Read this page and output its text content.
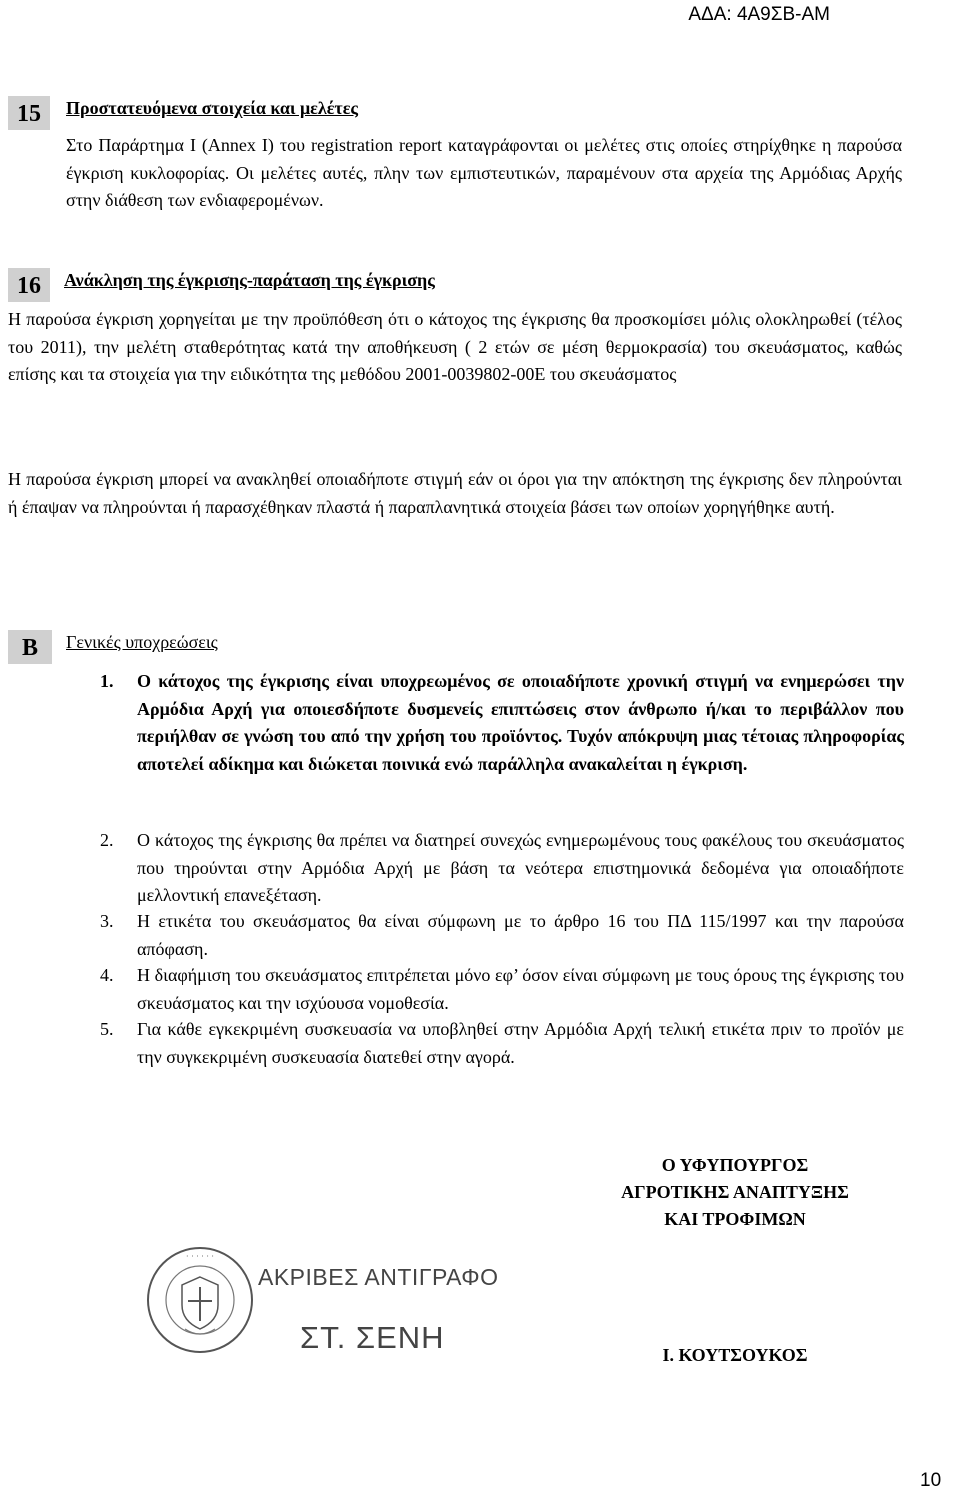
ΑΔΑ: 4Α9ΣΒ-ΑΜ
15	Προστατευόμενα στοιχεία και μελέτες
Στο Παράρτημα Ι (Annex I) του registration report καταγράφονται οι μελέτες στις οποίες στηρίχθηκε η παρούσα έγκριση κυκλοφορίας. Οι μελέτες αυτές, πλην των εμπιστευτικών, παραμένουν στα αρχεία της Αρμόδιας Αρχής στην διάθεση των ενδιαφερομένων.
16	Ανάκληση της έγκρισης-παράταση της έγκρισης
Η παρούσα έγκριση χορηγείται με την προϋπόθεση ότι ο κάτοχος της έγκρισης θα προσκομίσει μόλις ολοκληρωθεί (τέλος του 2011), την μελέτη σταθερότητας κατά την αποθήκευση ( 2 ετών σε μέση θερμοκρασία) του σκευάσματος, καθώς επίσης και τα στοιχεία για την ειδικότητα της μεθόδου 2001-0039802-00E του σκευάσματος
Η παρούσα έγκριση μπορεί να ανακληθεί οποιαδήποτε στιγμή εάν οι όροι για την απόκτηση της έγκρισης δεν πληρούνται ή έπαψαν να πληρούνται ή παρασχέθηκαν πλαστά ή παραπλανητικά στοιχεία βάσει των οποίων χορηγήθηκε αυτή.
B	Γενικές υποχρεώσεις
1. Ο κάτοχος της έγκρισης είναι υποχρεωμένος σε οποιαδήποτε χρονική στιγμή να ενημερώσει την Αρμόδια Αρχή για οποιεσδήποτε δυσμενείς επιπτώσεις στον άνθρωπο ή/και το περιβάλλον που περιήλθαν σε γνώση του από την χρήση του προϊόντος. Τυχόν απόκρυψη μιας τέτοιας πληροφορίας αποτελεί αδίκημα και διώκεται ποινικά ενώ παράλληλα ανακαλείται η έγκριση.
2. Ο κάτοχος της έγκρισης θα πρέπει να διατηρεί συνεχώς ενημερωμένους τους φακέλους του σκευάσματος που τηρούνται στην Αρμόδια Αρχή με βάση τα νεότερα επιστημονικά δεδομένα για οποιαδήποτε μελλοντική επανεξέταση.
3. Η ετικέτα του σκευάσματος θα είναι σύμφωνη με το άρθρο 16 του ΠΔ 115/1997 και την παρούσα απόφαση.
4. Η διαφήμιση του σκευάσματος επιτρέπεται μόνο εφ’ όσον είναι σύμφωνη με τους όρους της έγκρισης του σκευάσματος και την ισχύουσα νομοθεσία.
5. Για κάθε εγκεκριμένη συσκευασία να υποβληθεί στην Αρμόδια Αρχή τελική ετικέτα πριν το προϊόν με την συγκεκριμένη συσκευασία διατεθεί στην αγορά.
Ο ΥΦΥΠΟΥΡΓΟΣ
ΑΓΡΟΤΙΚΗΣ ΑΝΑΠΤΥΞΗΣ
ΚΑΙ ΤΡΟΦΙΜΩΝ
Ι. ΚΟΥΤΣΟΥΚΟΣ
· · · · · ·
ΑΚΡΙΒΕΣ ΑΝΤΙΓΡΑΦΟ
ΣΤ. ΣΕΝΗ
10
